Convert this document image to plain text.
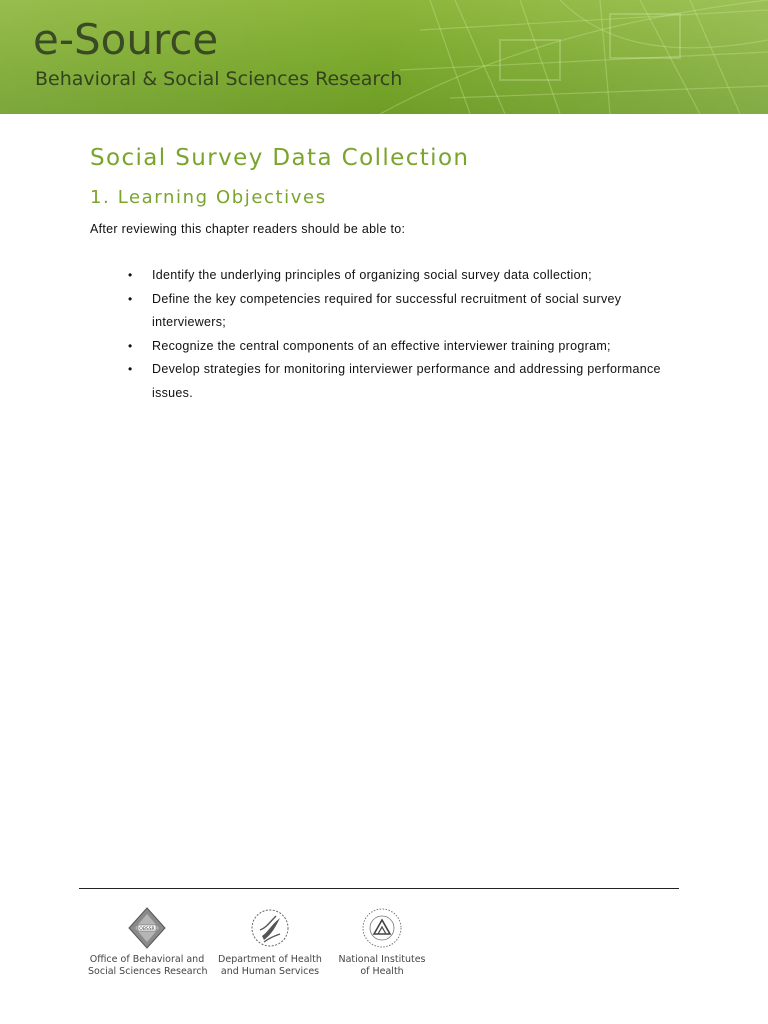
e-Source
Behavioral & Social Sciences Research
Social Survey Data Collection
1. Learning Objectives
After reviewing this chapter readers should be able to:
• Identify the underlying principles of organizing social survey data collection;
• Define the key competencies required for successful recruitment of social survey interviewers;
• Recognize the central components of an effective interviewer training program;
• Develop strategies for monitoring interviewer performance and addressing performance issues.
OBSSR
Office of Behavioral and
Social Sciences Research
Department of Health
and Human Services
National Institutes
of Health
